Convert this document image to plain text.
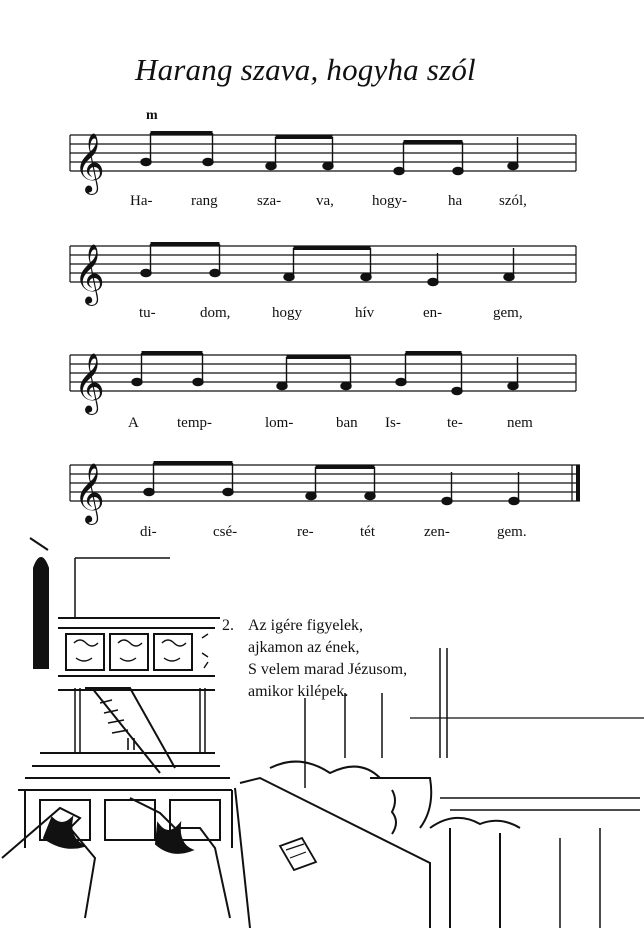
Harang szava, hogyha szól
m
𝄞
Ha-	rang	sza- va,	hogy-	ha szól,
𝄞
tu-	dom,	hogy	hív	en-	gem,
𝄞
A	temp-	lom-	ban Is-	te-	nem
𝄞
di-	csé-	re-	tét	zen-	gem.
2. Az igére figyelek,
ajkamon az ének,
S velem marad Jézusom,
amikor kilépek.
